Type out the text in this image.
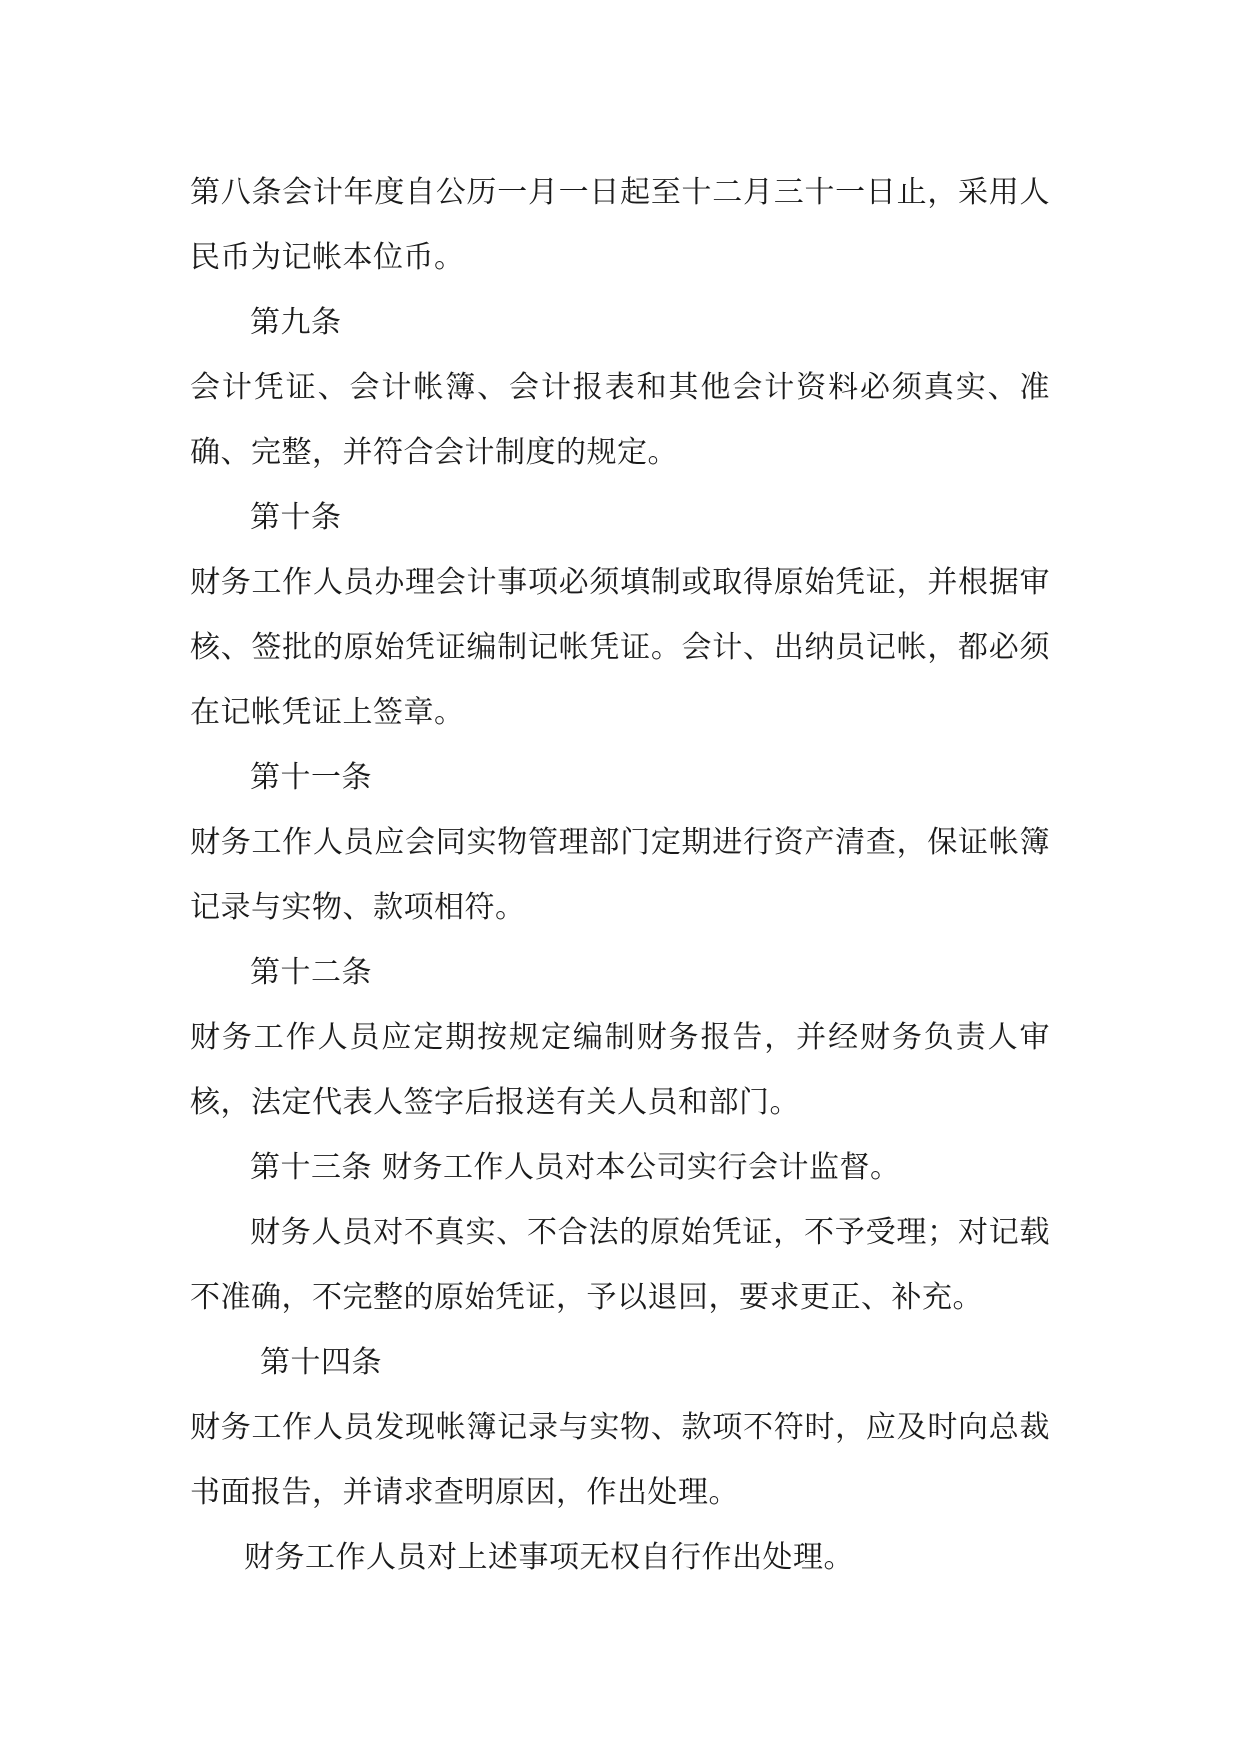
第八条会计年度自公历一月一日起至十二月三十一日止，采用人民币为记帐本位币。

第九条

会计凭证、会计帐簿、会计报表和其他会计资料必须真实、准确、完整，并符合会计制度的规定。

第十条

财务工作人员办理会计事项必须填制或取得原始凭证，并根据审核、签批的原始凭证编制记帐凭证。会计、出纳员记帐，都必须在记帐凭证上签章。

第十一条

财务工作人员应会同实物管理部门定期进行资产清查，保证帐簿记录与实物、款项相符。

第十二条

财务工作人员应定期按规定编制财务报告，并经财务负责人审核，法定代表人签字后报送有关人员和部门。

第十三条 财务工作人员对本公司实行会计监督。

财务人员对不真实、不合法的原始凭证，不予受理；对记载不准确，不完整的原始凭证，予以退回，要求更正、补充。

第十四条

财务工作人员发现帐簿记录与实物、款项不符时，应及时向总裁书面报告，并请求查明原因，作出处理。

财务工作人员对上述事项无权自行作出处理。
